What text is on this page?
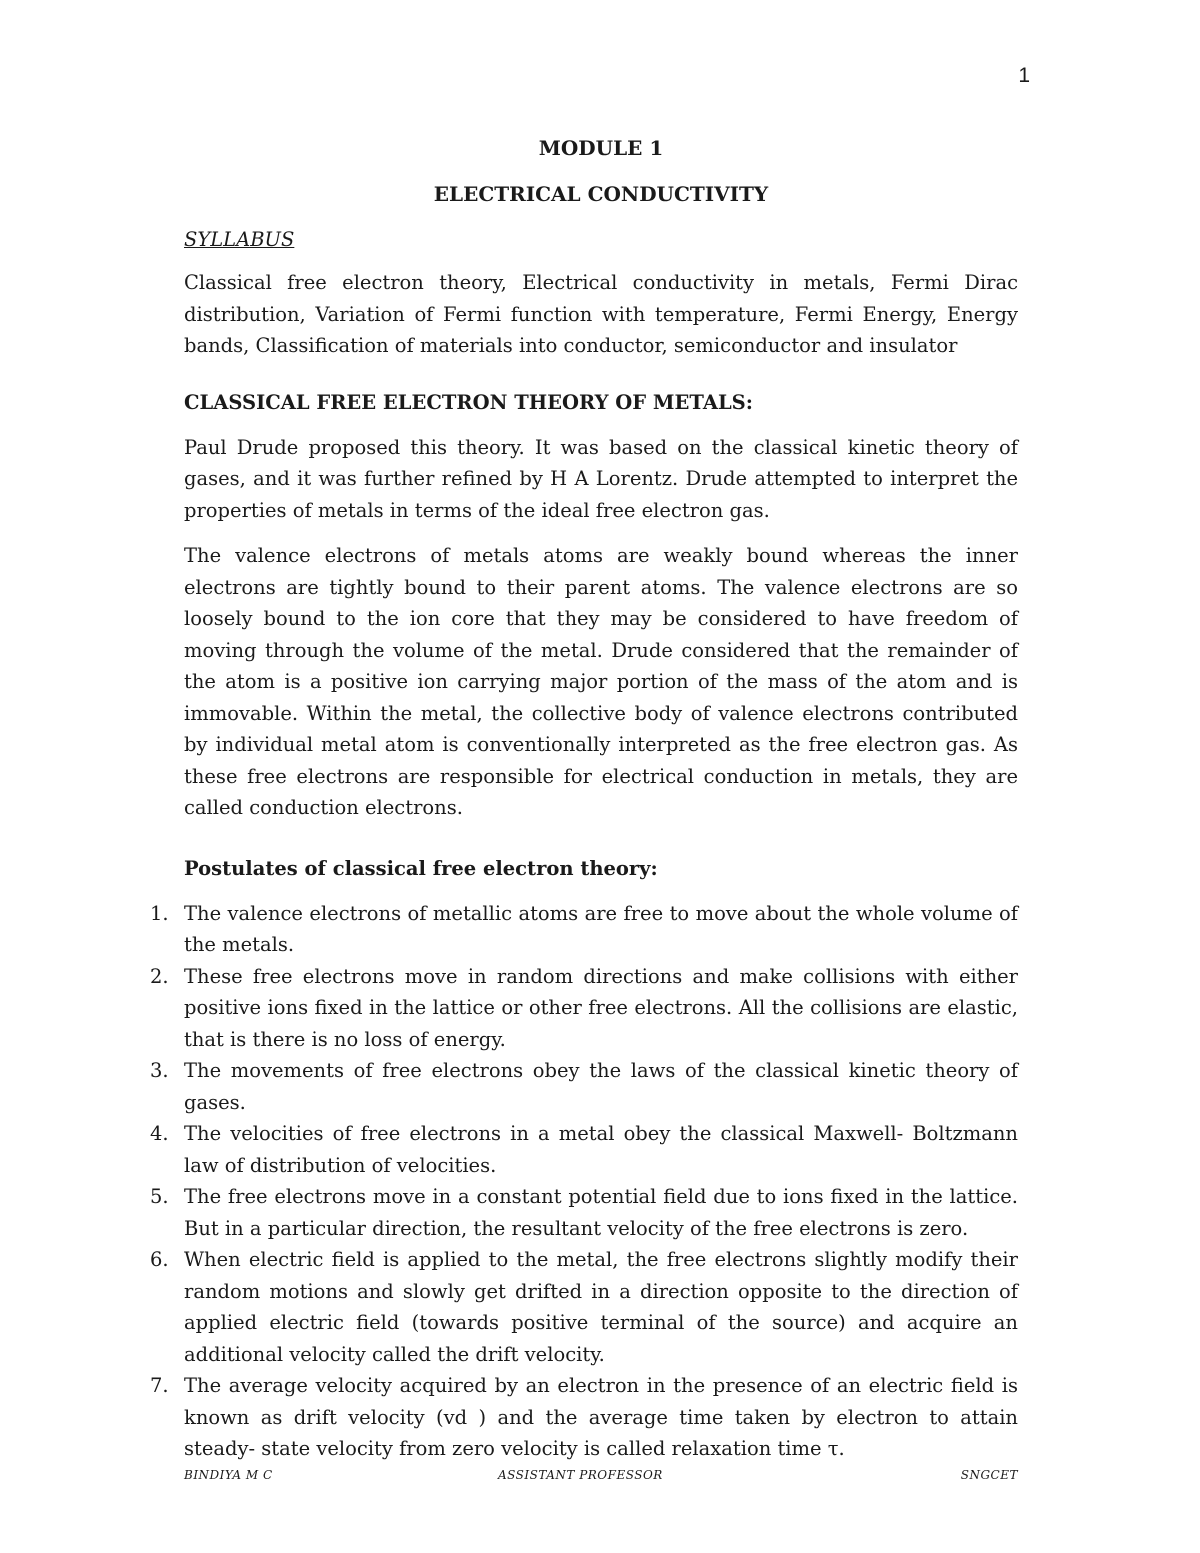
1
MODULE 1
ELECTRICAL CONDUCTIVITY
SYLLABUS

Classical free electron theory, Electrical conductivity in metals, Fermi Dirac distribution, Variation of Fermi function with temperature, Fermi Energy, Energy bands, Classification of materials into conductor, semiconductor and insulator

CLASSICAL FREE ELECTRON THEORY OF METALS:

Paul Drude proposed this theory. It was based on the classical kinetic theory of gases, and it was further refined by H A Lorentz. Drude attempted to interpret the properties of metals in terms of the ideal free electron gas.

The valence electrons of metals atoms are weakly bound whereas the inner electrons are tightly bound to their parent atoms. The valence electrons are so loosely bound to the ion core that they may be considered to have freedom of moving through the volume of the metal. Drude considered that the remainder of the atom is a positive ion carrying major portion of the mass of the atom and is immovable. Within the metal, the collective body of valence electrons contributed by individual metal atom is conventionally interpreted as the free electron gas. As these free electrons are responsible for electrical conduction in metals, they are called conduction electrons.

Postulates of classical free electron theory:
1. The valence electrons of metallic atoms are free to move about the whole volume of the metals.
2. These free electrons move in random directions and make collisions with either positive ions fixed in the lattice or other free electrons. All the collisions are elastic, that is there is no loss of energy.
3. The movements of free electrons obey the laws of the classical kinetic theory of gases.
4. The velocities of free electrons in a metal obey the classical Maxwell- Boltzmann law of distribution of velocities.
5. The free electrons move in a constant potential field due to ions fixed in the lattice. But in a particular direction, the resultant velocity of the free electrons is zero.
6. When electric field is applied to the metal, the free electrons slightly modify their random motions and slowly get drifted in a direction opposite to the direction of applied electric field (towards positive terminal of the source) and acquire an additional velocity called the drift velocity.
7. The average velocity acquired by an electron in the presence of an electric field is known as drift velocity (vd ) and the average time taken by electron to attain steady- state velocity from zero velocity is called relaxation time τ.
BINDIYA M C	ASSISTANT PROFESSOR	SNGCET
